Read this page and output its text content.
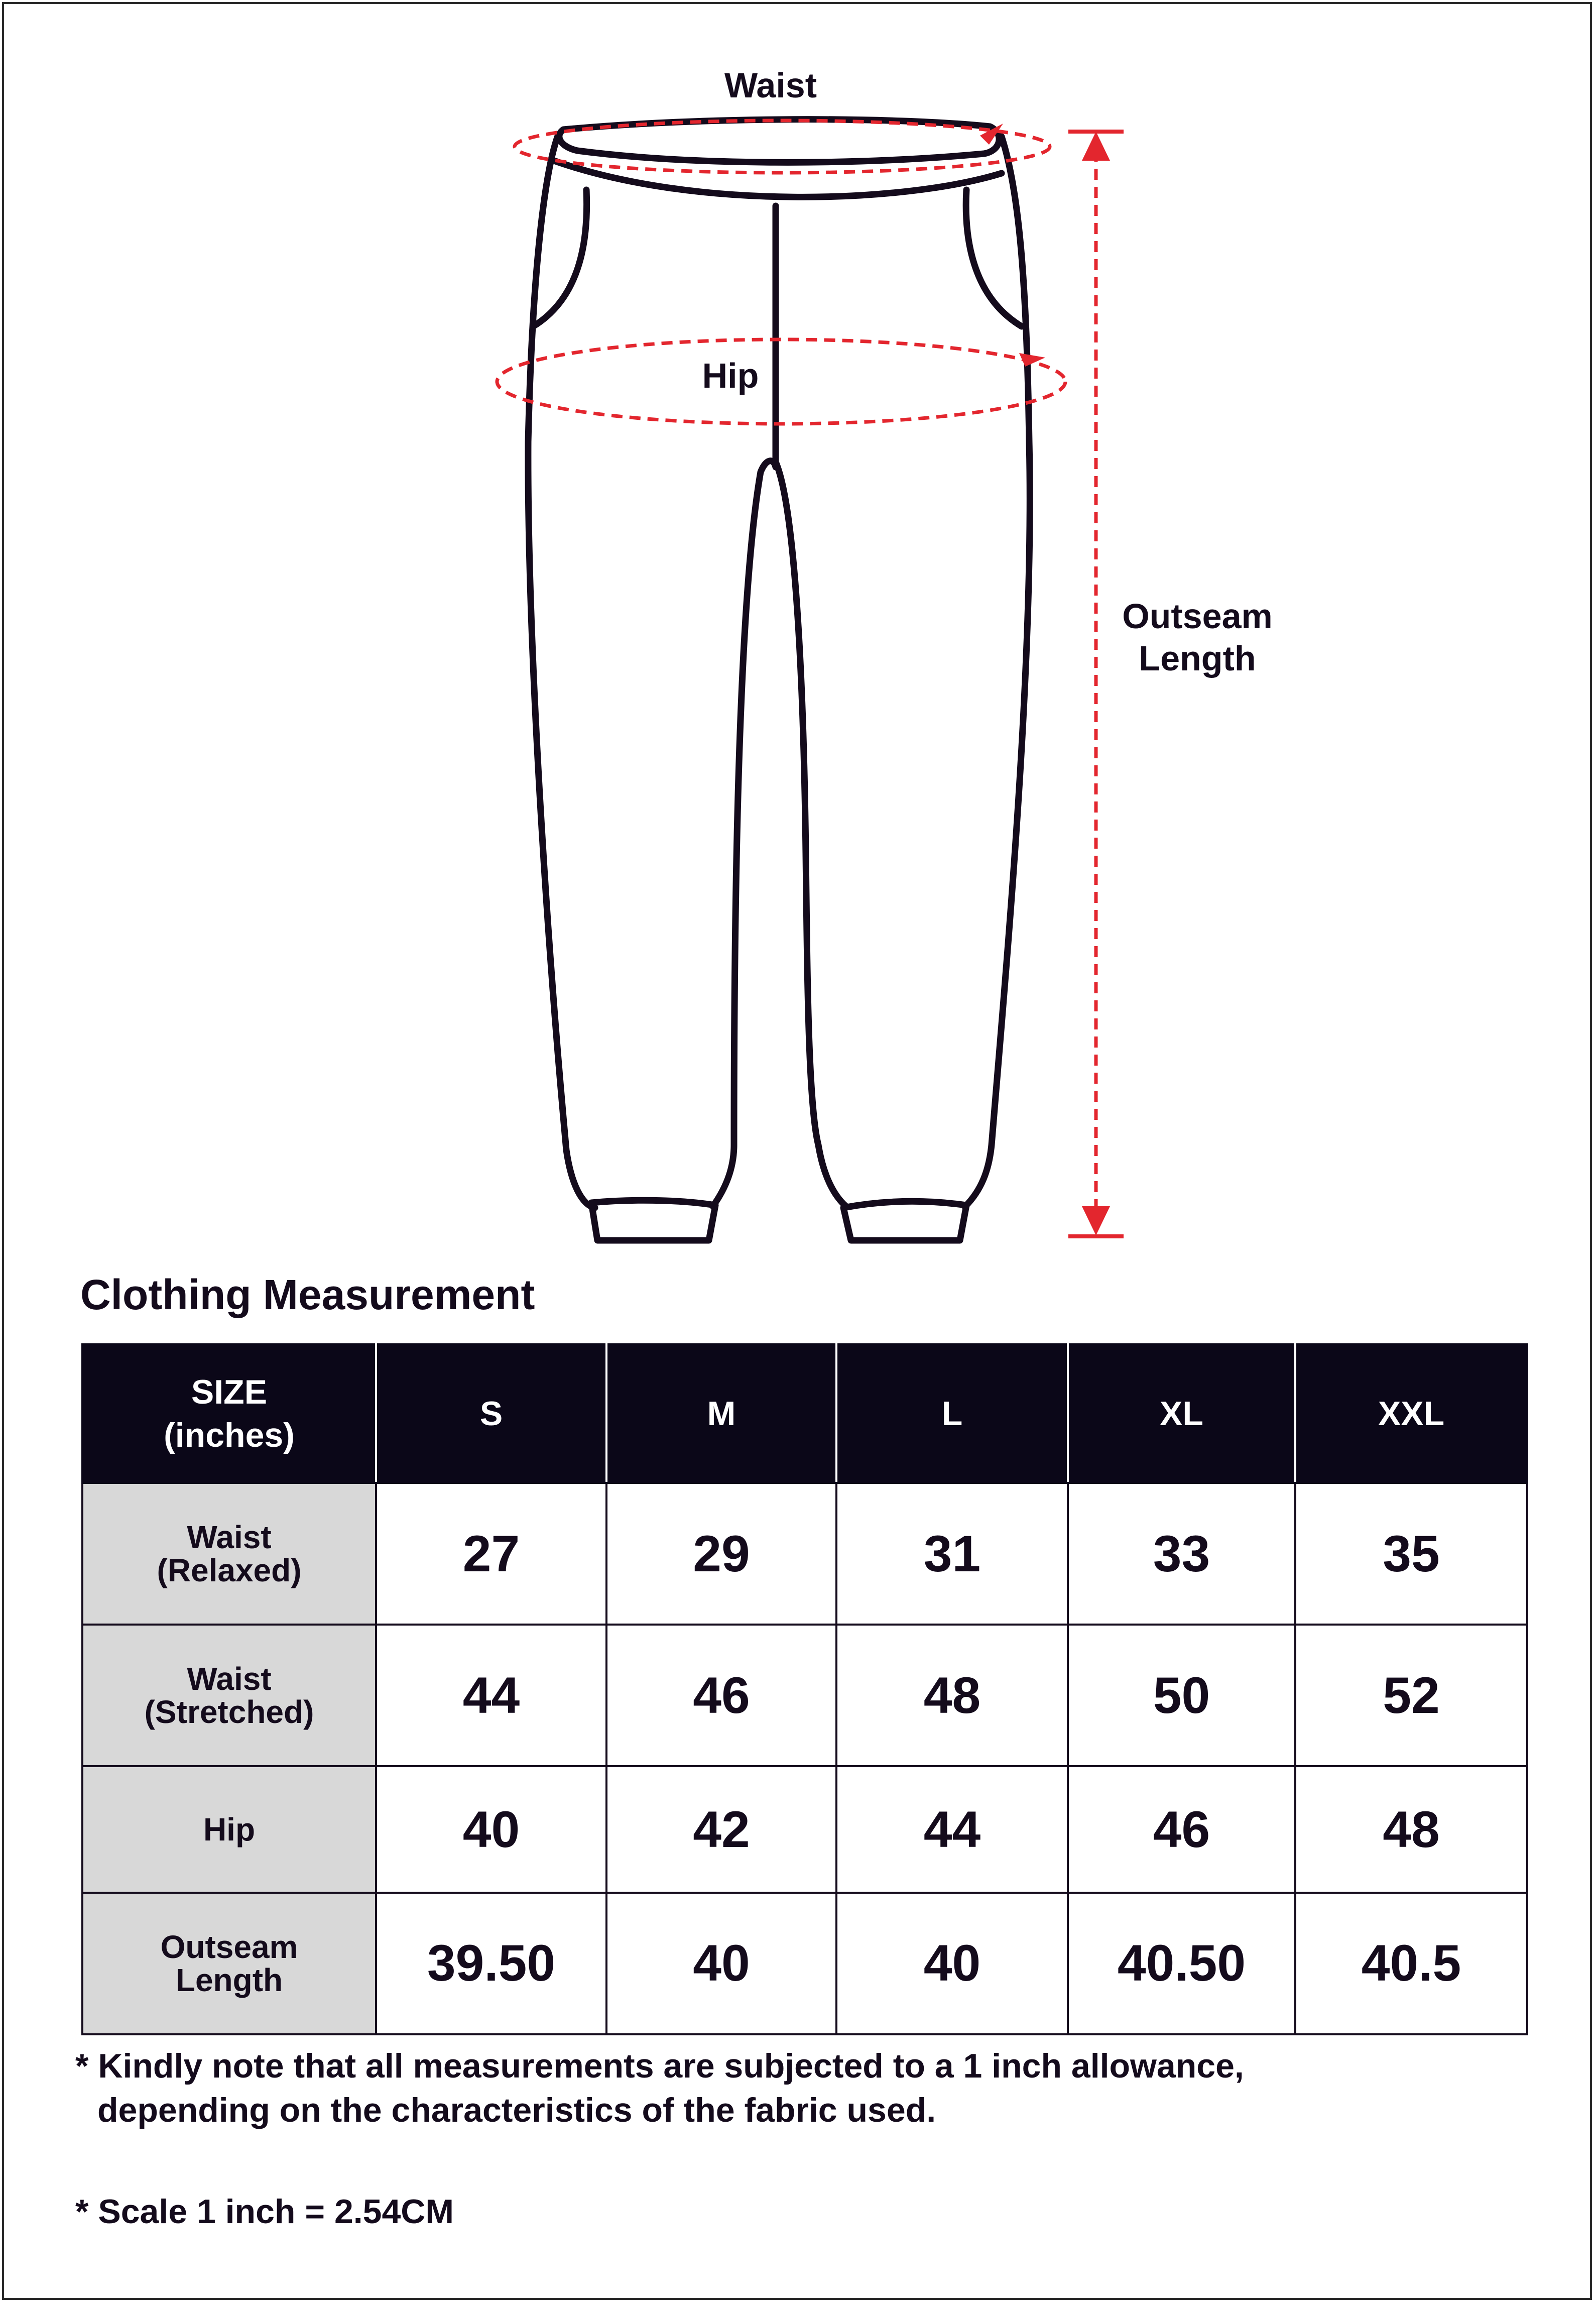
Waist
Hip
Outseam
Length
Clothing Measurement
SIZE
(inches)	S	M	L	XL	XXL

Waist
(Relaxed)	27	29	31	33	35

Waist
(Stretched)	44	46	48	50	52

Hip	40	42	44	46	48

Outseam
Length	39.50	40	40	40.50	40.5
* Kindly note that all measurements are subjected to a 1 inch allowance,
depending on the characteristics of the fabric used.
* Scale 1 inch = 2.54CM
